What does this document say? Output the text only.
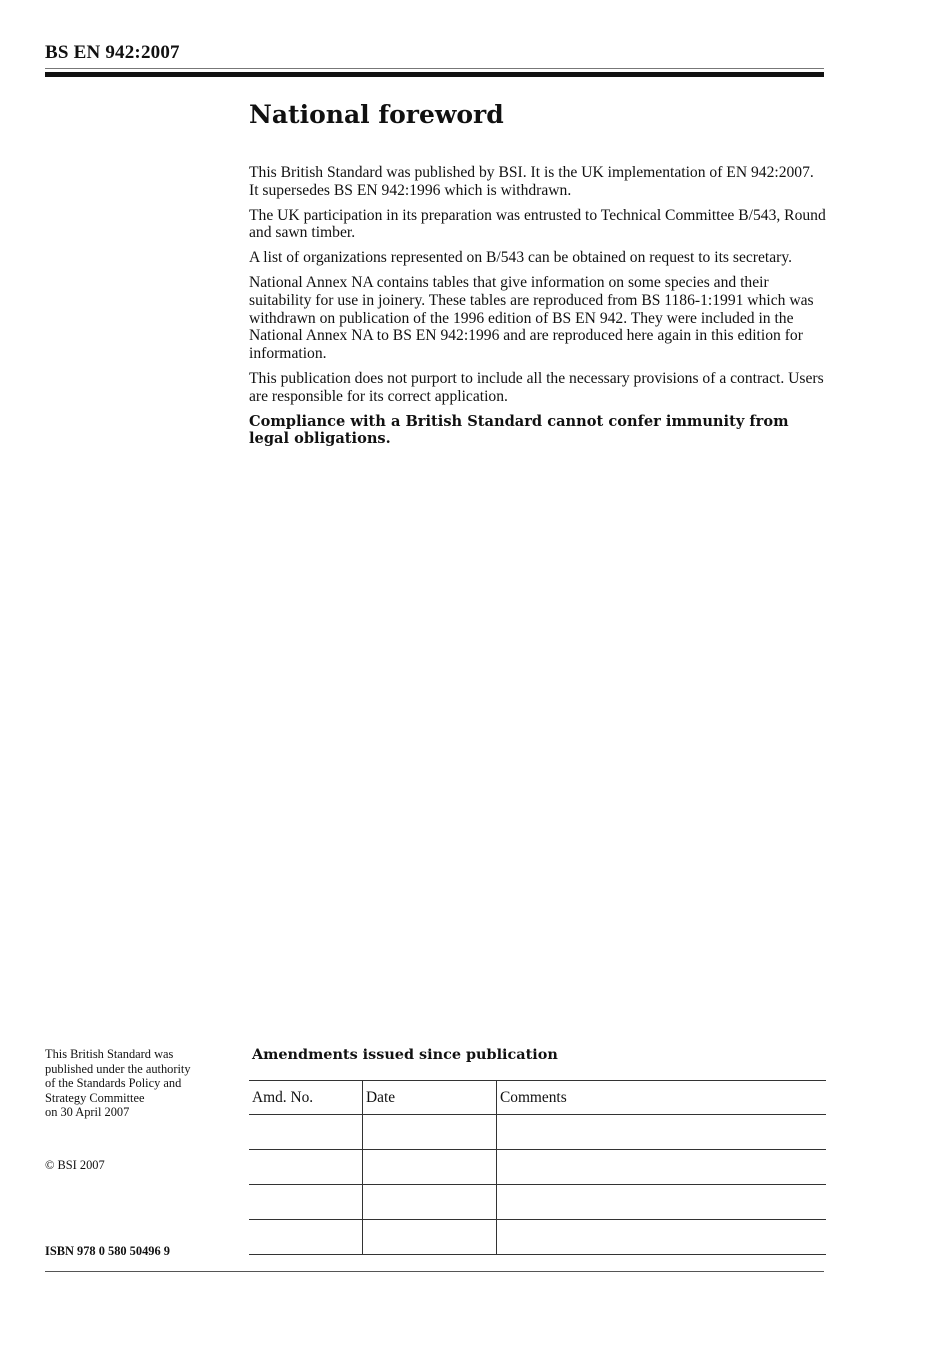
BS EN 942:2007
National foreword

This British Standard was published by BSI. It is the UK implementation of EN 942:2007. It supersedes BS EN 942:1996 which is withdrawn.

The UK participation in its preparation was entrusted to Technical Committee B/543, Round and sawn timber.

A list of organizations represented on B/543 can be obtained on request to its secretary.

National Annex NA contains tables that give information on some species and their suitability for use in joinery. These tables are reproduced from BS 1186-1:1991 which was withdrawn on publication of the 1996 edition of BS EN 942. They were included in the National Annex NA to BS EN 942:1996 and are reproduced here again in this edition for information.

This publication does not purport to include all the necessary provisions of a contract. Users are responsible for its correct application.

Compliance with a British Standard cannot confer immunity from legal obligations.

This British Standard was
published under the authority
of the Standards Policy and
Strategy Committee
on 30 April 2007
© BSI 2007
ISBN 978 0 580 50496 9
Amendments issued since publication
Amd. No.	Date	Comments
